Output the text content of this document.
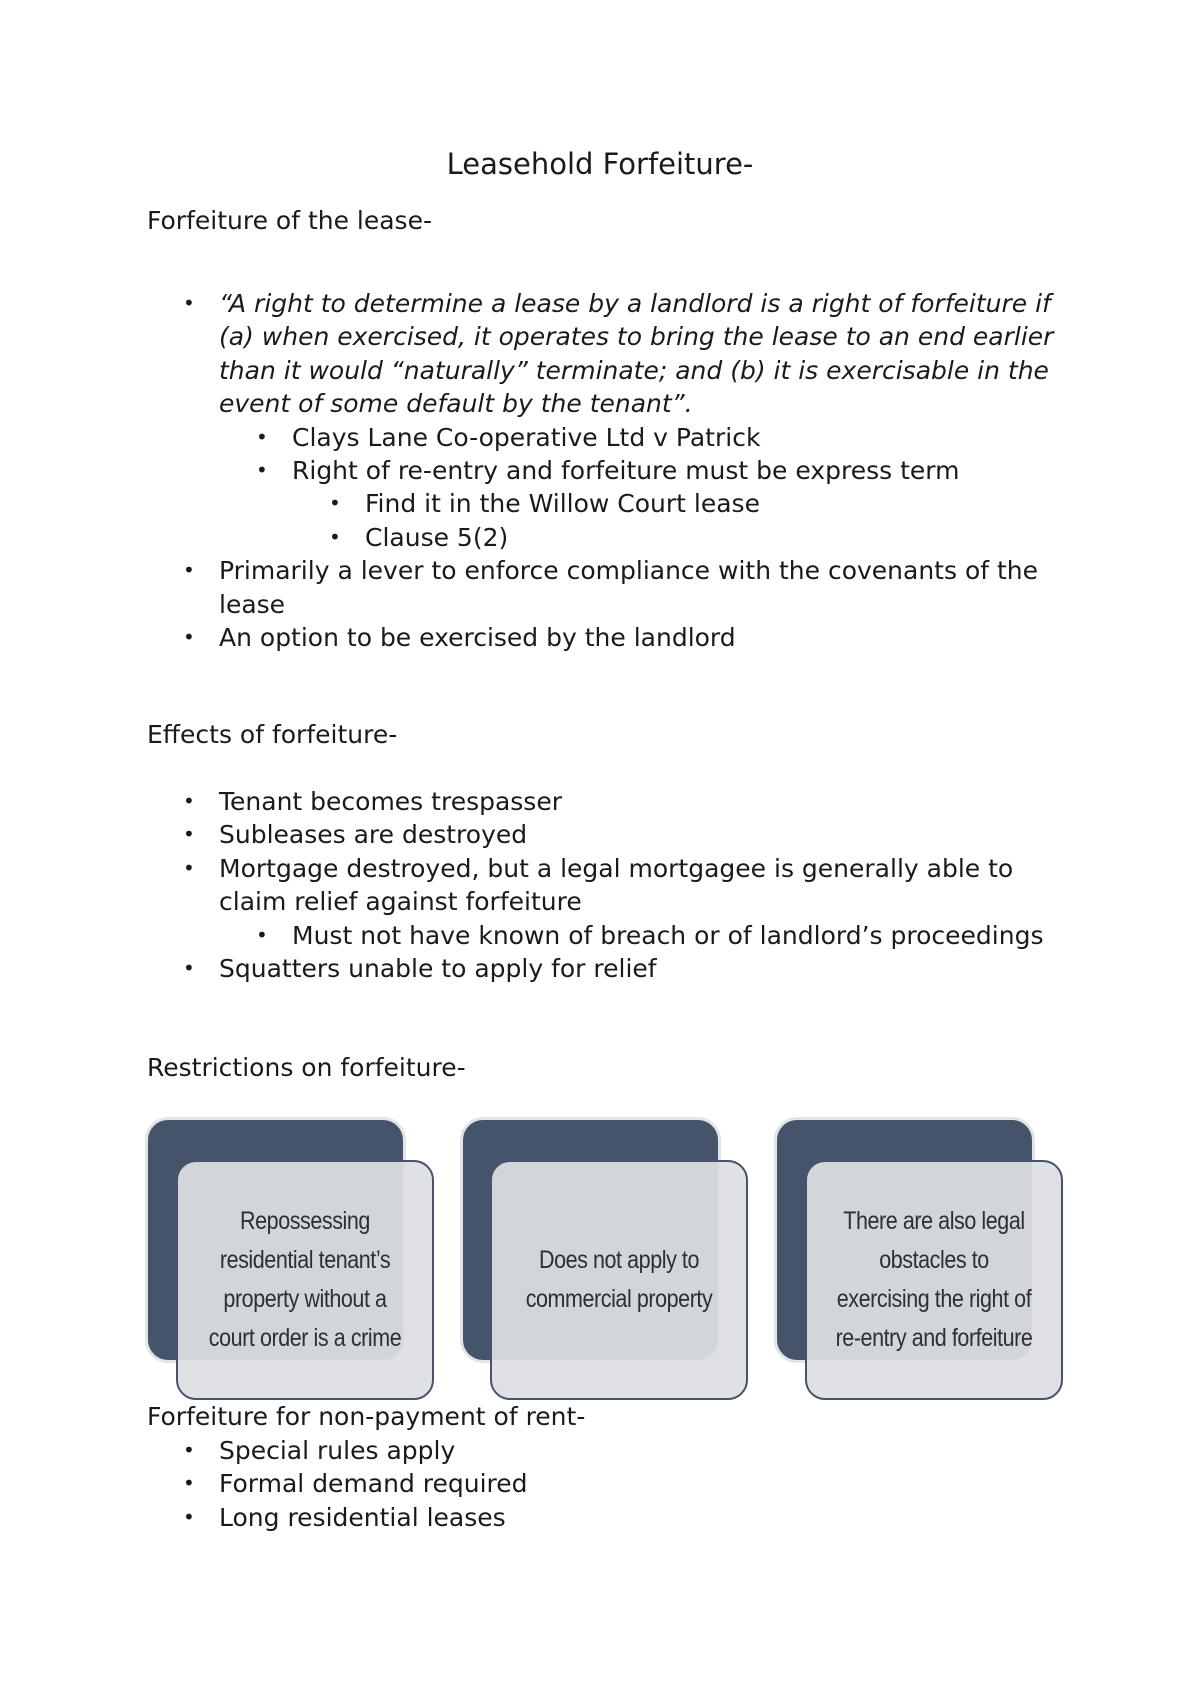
Leasehold Forfeiture-
Forfeiture of the lease-
• “A right to determine a lease by a landlord is a right of forfeiture if (a) when exercised, it operates to bring the lease to an end earlier than it would “naturally” terminate; and (b) it is exercisable in the event of some default by the tenant”.
• Clays Lane Co-operative Ltd v Patrick
• Right of re-entry and forfeiture must be express term
• Find it in the Willow Court lease
• Clause 5(2)
• Primarily a lever to enforce compliance with the covenants of the lease
• An option to be exercised by the landlord
Effects of forfeiture-
• Tenant becomes trespasser
• Subleases are destroyed
• Mortgage destroyed, but a legal mortgagee is generally able to claim relief against forfeiture
• Must not have known of breach or of landlord’s proceedings
• Squatters unable to apply for relief
Restrictions on forfeiture-
Repossessing residential tenant’s property without a court order is a crime
Does not apply to commercial property
There are also legal obstacles to exercising the right of re-entry and forfeiture
Forfeiture for non-payment of rent-
• Special rules apply
• Formal demand required
• Long residential leases
